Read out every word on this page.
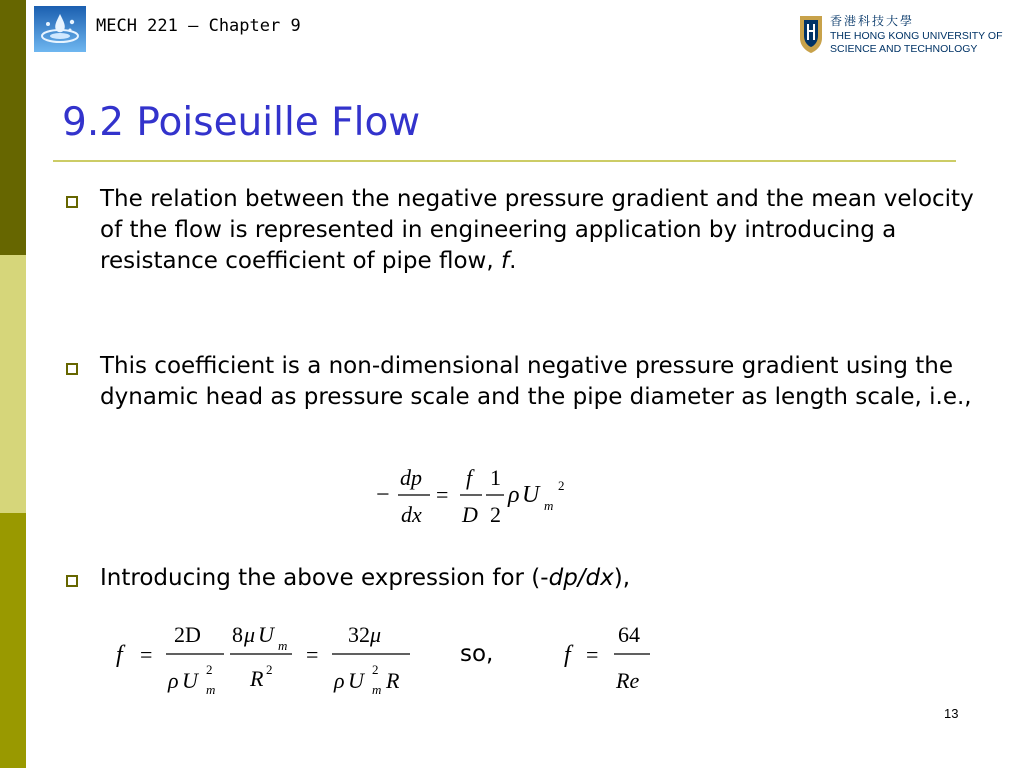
MECH 221 – Chapter 9	香港科技大學
THE HONG KONG UNIVERSITY OF
SCIENCE AND TECHNOLOGY
9.2 Poiseuille Flow
The relation between the negative pressure gradient and the mean velocity of the flow is represented in engineering application by introducing a resistance coefficient of pipe flow, f.
This coefficient is a non-dimensional negative pressure gradient using the dynamic head as pressure scale and the pipe diameter as length scale, i.e.,
−
dp
dx
=
f
D
1
2
ρ U m
2
Introducing the above expression for (-dp/dx),
f =
2D
ρ U 2
m
8 μ U m
R 2
=
32 μ
ρ U 2
m R
so,	f =
64
Re
13
